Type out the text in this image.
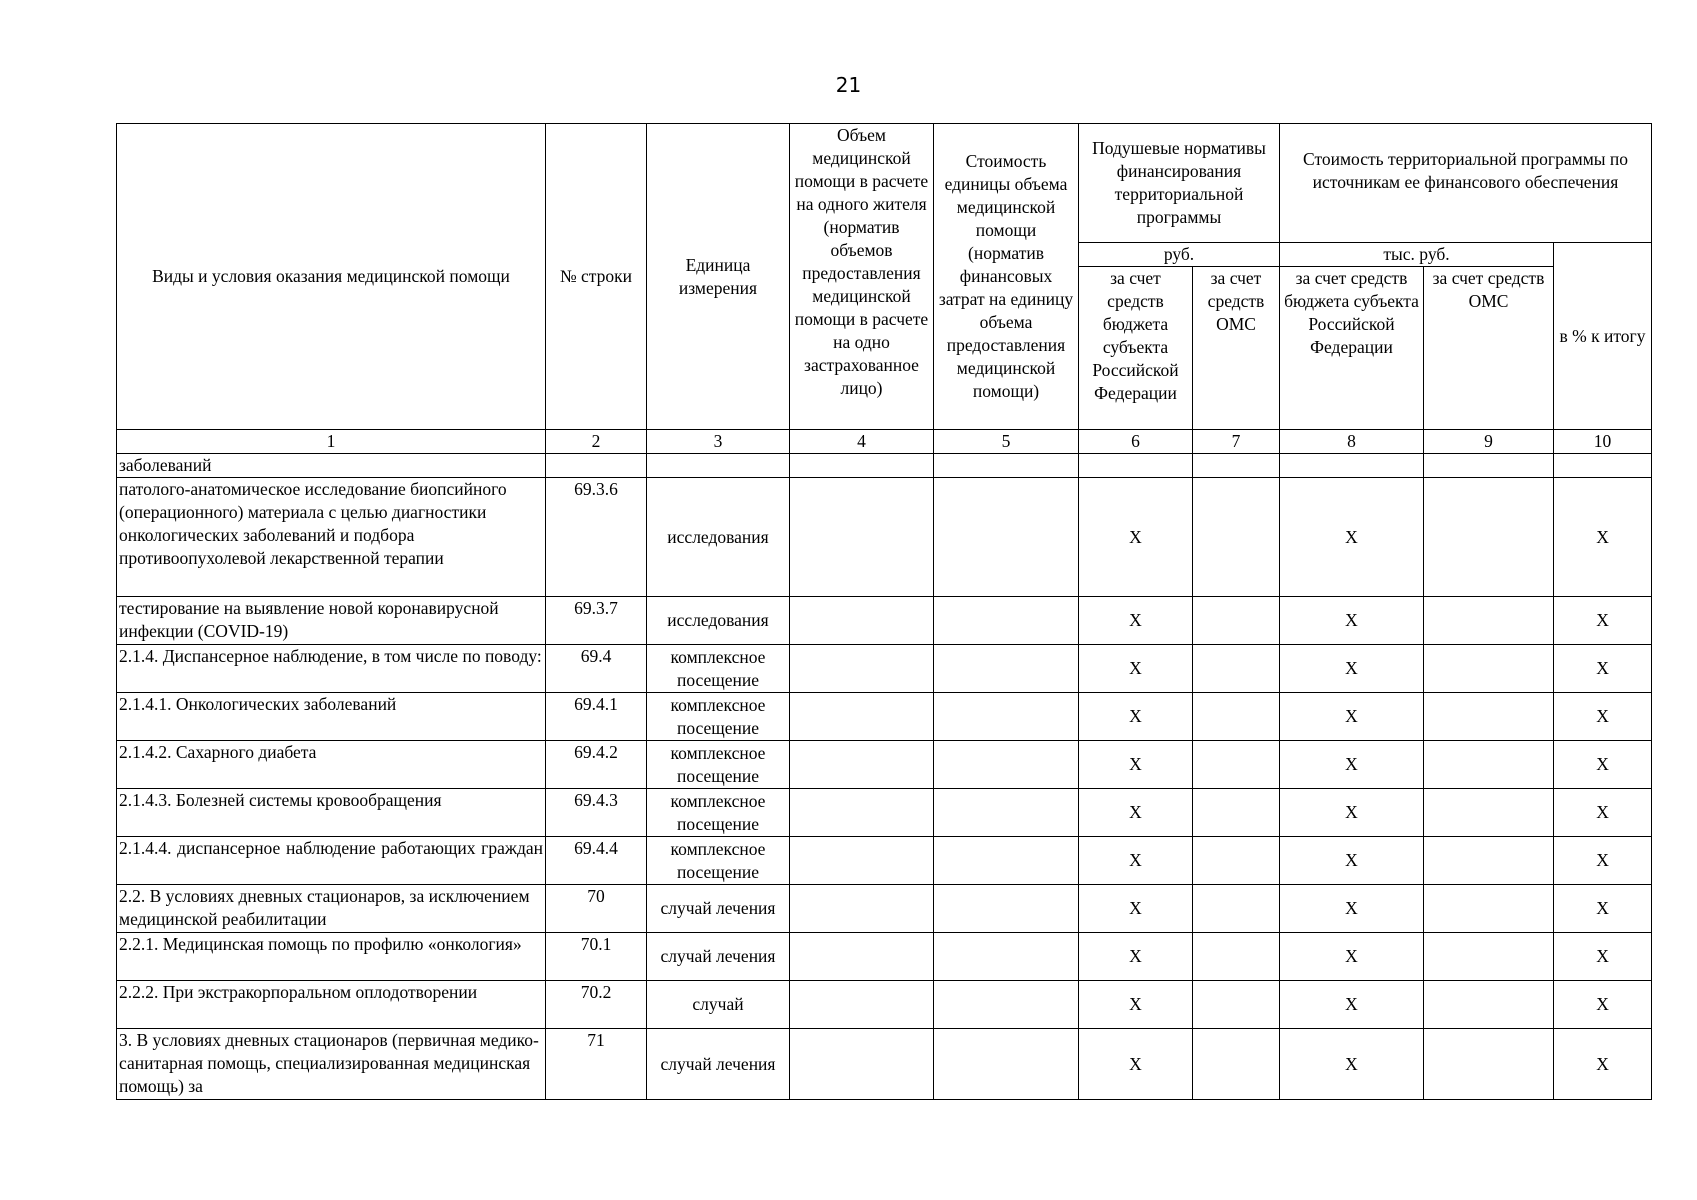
21
Виды и условия оказания медицинской помощи	№ строки	Единица измерения	Объем медицинской помощи в расчете на одного жителя (норматив объемов предоставления медицинской помощи в расчете на одно застрахованное лицо)	Стоимость единицы объема медицинской помощи (норматив финансовых затрат на единицу объема предоставления медицинской помощи)	Подушевые нормативы финансирования территориальной программы		Стоимость территориальной программы по источникам ее финансового обеспечения		
					руб.		тыс. руб.		в % к итогу
					за счет средств бюджета субъекта Российской Федерации	за счет средств ОМС	за счет средств бюджета субъекта Российской Федерации	за счет средств ОМС	
1	2	3	4	5	6	7	8	9	10
заболеваний									
патолого-анатомическое исследование биопсийного (операционного) материала с целью диагностики онкологических заболеваний и подбора противоопухолевой лекарственной терапии	69.3.6	исследования			Х		Х		Х
тестирование на выявление новой коронавирусной инфекции (COVID-19)	69.3.7	исследования			Х		Х		Х
2.1.4. Диспансерное наблюдение, в том числе по поводу:	69.4	комплексное посещение			Х		Х		Х
2.1.4.1. Онкологических заболеваний	69.4.1	комплексное посещение			Х		Х		Х
2.1.4.2. Сахарного диабета	69.4.2	комплексное посещение			Х		Х		Х
2.1.4.3. Болезней системы кровообращения	69.4.3	комплексное посещение			Х		Х		Х
2.1.4.4. диспансерное наблюдение работающих граждан	69.4.4	комплексное посещение			Х		Х		Х
2.2. В условиях дневных стационаров, за исключением медицинской реабилитации	70	случай лечения			Х		Х		Х
2.2.1. Медицинская помощь по профилю «онкология»	70.1	случай лечения			Х		Х		Х
2.2.2. При экстракорпоральном оплодотворении	70.2	случай			Х		Х		Х
3. В условиях дневных стационаров (первичная медико-санитарная помощь, специализированная медицинская помощь) за	71	случай лечения			Х		Х		Х
